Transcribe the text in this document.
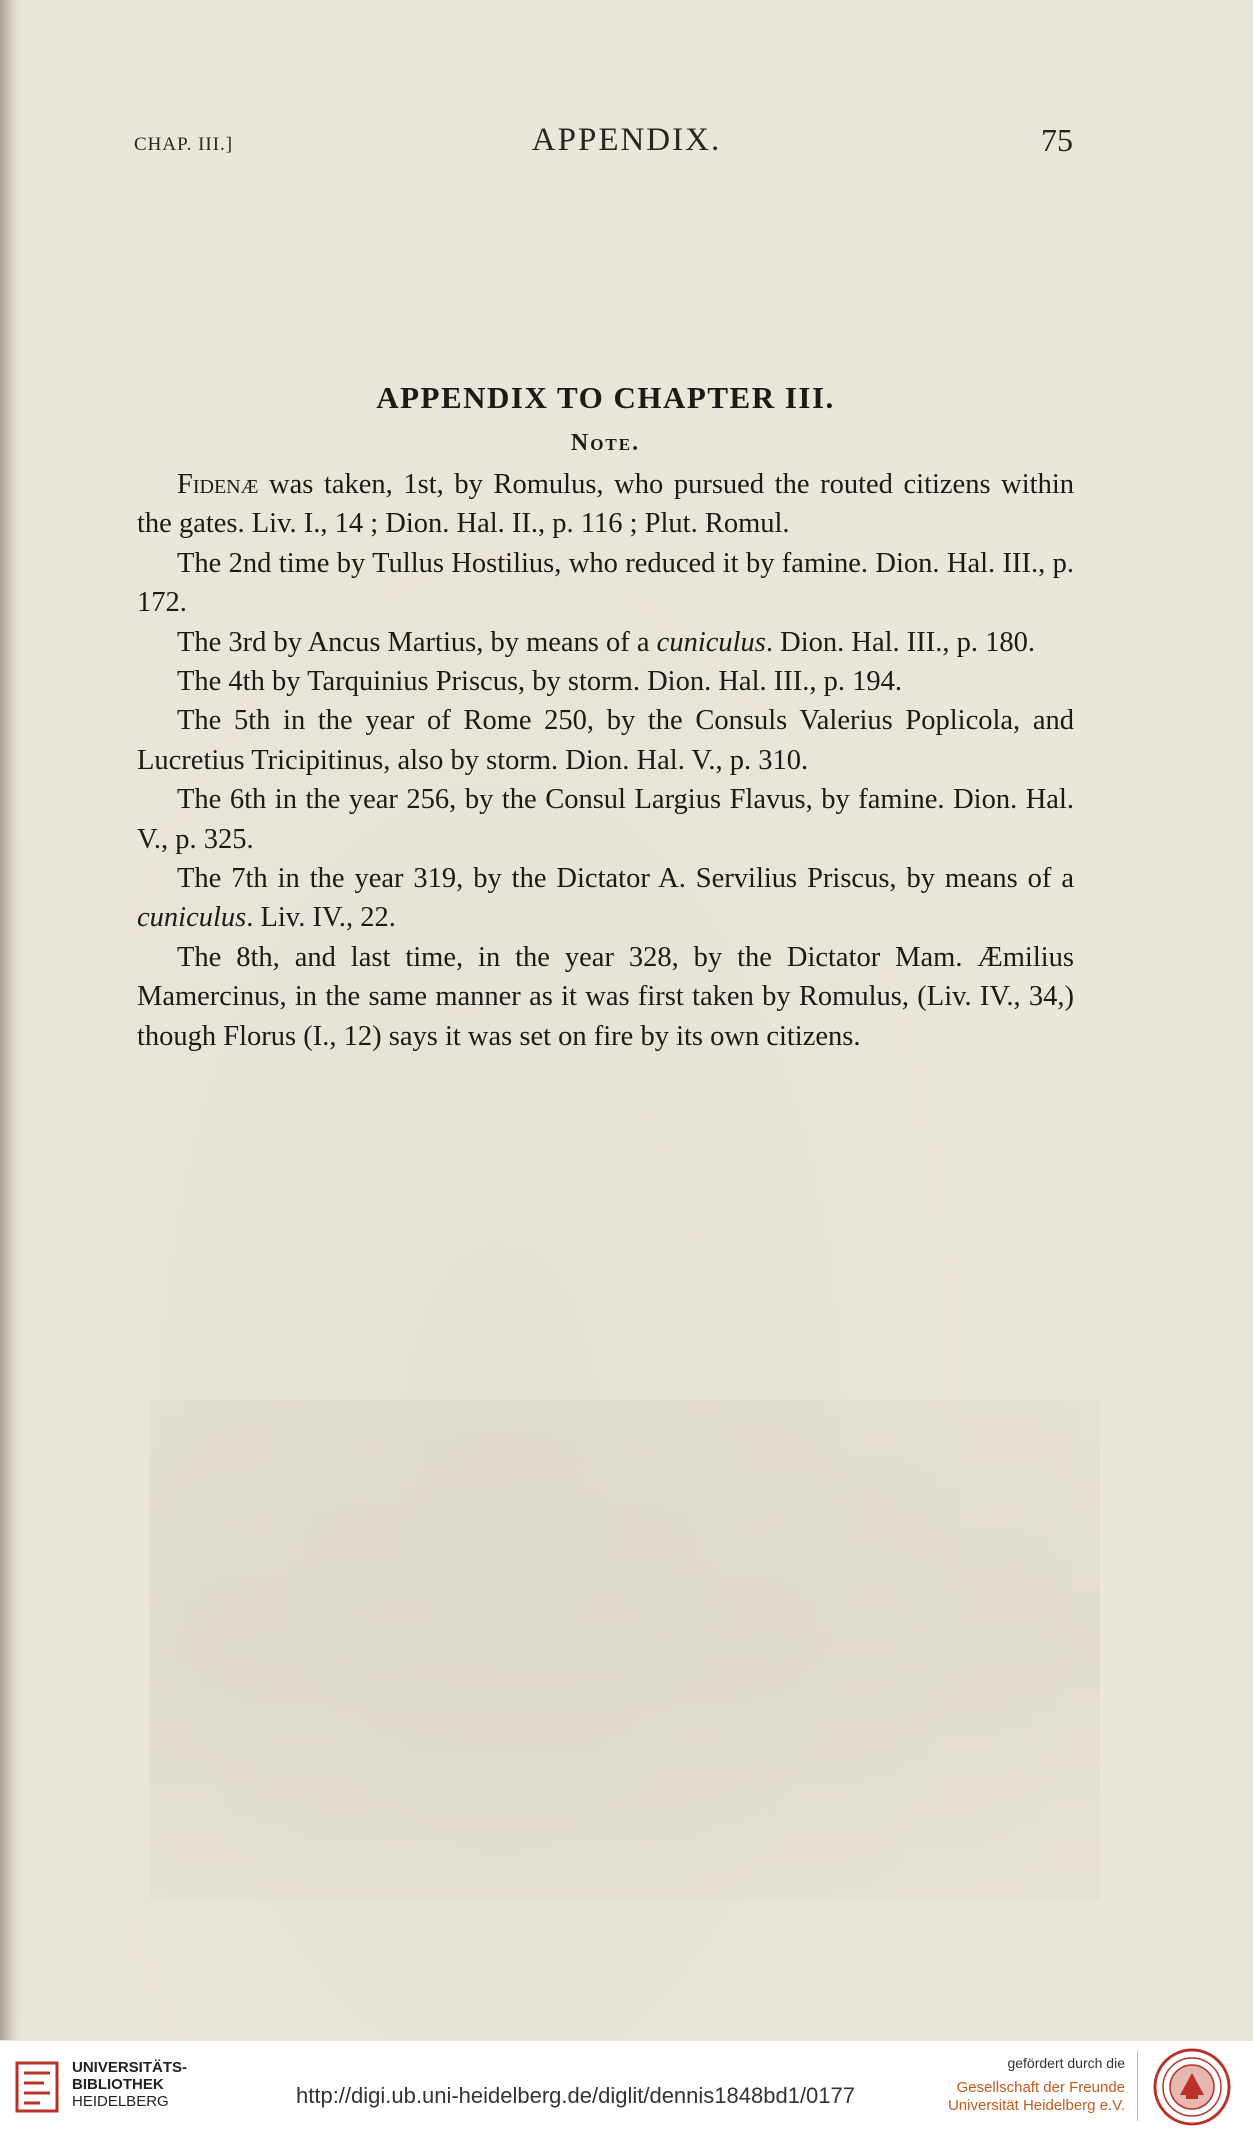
CHAP. III.]	APPENDIX.	75
APPENDIX TO CHAPTER III.
Note.

Fidenæ was taken, 1st, by Romulus, who pursued the routed citizens within the gates. Liv. I., 14 ; Dion. Hal. II., p. 116 ; Plut. Romul.

The 2nd time by Tullus Hostilius, who reduced it by famine. Dion. Hal. III., p. 172.

The 3rd by Ancus Martius, by means of a cuniculus. Dion. Hal. III., p. 180.

The 4th by Tarquinius Priscus, by storm. Dion. Hal. III., p. 194.

The 5th in the year of Rome 250, by the Consuls Valerius Poplicola, and Lucretius Tricipitinus, also by storm. Dion. Hal. V., p. 310.

The 6th in the year 256, by the Consul Largius Flavus, by famine. Dion. Hal. V., p. 325.

The 7th in the year 319, by the Dictator A. Servilius Priscus, by means of a cuniculus. Liv. IV., 22.

The 8th, and last time, in the year 328, by the Dictator Mam. Æmilius Mamercinus, in the same manner as it was first taken by Romulus, (Liv. IV., 34,) though Florus (I., 12) says it was set on fire by its own citizens.

UNIVERSITÄTS-
BIBLIOTHEK
HEIDELBERG	http://digi.ub.uni-heidelberg.de/diglit/dennis1848bd1/0177
gefördert durch die
Gesellschaft der Freunde
Universität Heidelberg e.V.
